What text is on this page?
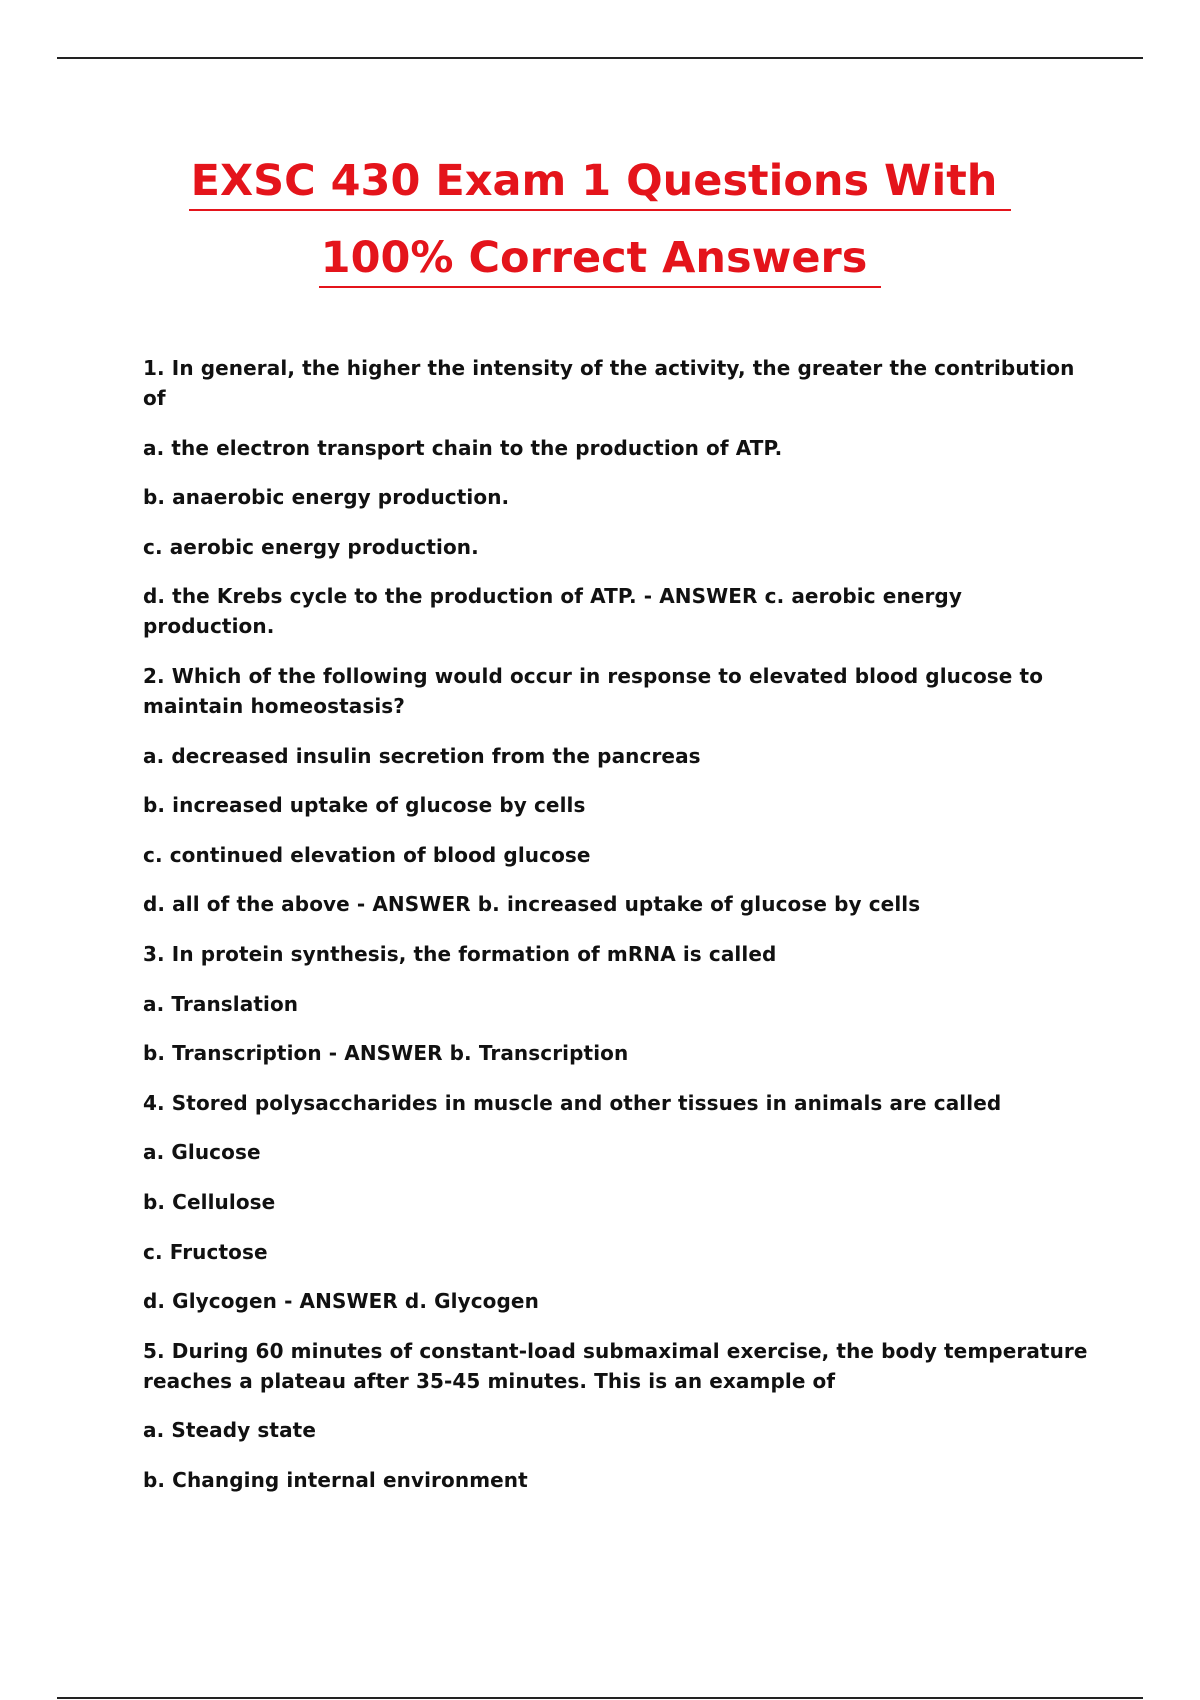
EXSC 430 Exam 1 Questions With
100% Correct Answers

1. In general, the higher the intensity of the activity, the greater the contribution of

a. the electron transport chain to the production of ATP.

b. anaerobic energy production.

c. aerobic energy production.

d. the Krebs cycle to the production of ATP. - ANSWER c. aerobic energy production.

2. Which of the following would occur in response to elevated blood glucose to maintain homeostasis?

a. decreased insulin secretion from the pancreas

b. increased uptake of glucose by cells

c. continued elevation of blood glucose

d. all of the above - ANSWER b. increased uptake of glucose by cells

3. In protein synthesis, the formation of mRNA is called

a. Translation

b. Transcription - ANSWER b. Transcription

4. Stored polysaccharides in muscle and other tissues in animals are called

a. Glucose

b. Cellulose

c. Fructose

d. Glycogen - ANSWER d. Glycogen

5. During 60 minutes of constant-load submaximal exercise, the body temperature reaches a plateau after 35-45 minutes. This is an example of

a. Steady state

b. Changing internal environment
